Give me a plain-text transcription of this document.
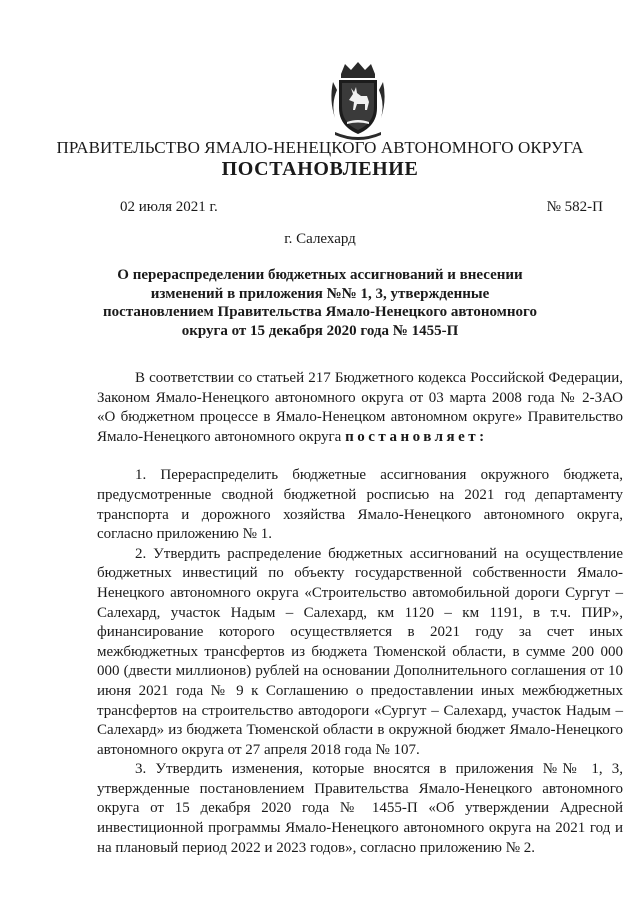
ПРАВИТЕЛЬСТВО ЯМАЛО-НЕНЕЦКОГО АВТОНОМНОГО ОКРУГА
ПОСТАНОВЛЕНИЕ
02 июля 2021 г.	№ 582-П
г. Салехард
О перераспределении бюджетных ассигнований и внесении изменений в приложения №№ 1, 3, утвержденные постановлением Правительства Ямало-Ненецкого автономного округа от 15 декабря 2020 года № 1455-П

В соответствии со статьей 217 Бюджетного кодекса Российской Федерации, Законом Ямало-Ненецкого автономного округа от 03 марта 2008 года № 2-ЗАО «О бюджетном процессе в Ямало-Ненецком автономном округе» Правительство Ямало-Ненецкого автономного округа постановляет:

1. Перераспределить бюджетные ассигнования окружного бюджета, предусмотренные сводной бюджетной росписью на 2021 год департаменту транспорта и дорожного хозяйства Ямало-Ненецкого автономного округа, согласно приложению № 1.

2. Утвердить распределение бюджетных ассигнований на осуществление бюджетных инвестиций по объекту государственной собственности Ямало-Ненецкого автономного округа «Строительство автомобильной дороги Сургут – Салехард, участок Надым – Салехард, км 1120 – км 1191, в т.ч. ПИР», финансирование которого осуществляется в 2021 году за счет иных межбюджетных трансфертов из бюджета Тюменской области, в сумме 200 000 000 (двести миллионов) рублей на основании Дополнительного соглашения от 10 июня 2021 года № 9 к Соглашению о предоставлении иных межбюджетных трансфертов на строительство автодороги «Сургут – Салехард, участок Надым – Салехард» из бюджета Тюменской области в окружной бюджет Ямало-Ненецкого автономного округа от 27 апреля 2018 года № 107.

3. Утвердить изменения, которые вносятся в приложения №№ 1, 3, утвержденные постановлением Правительства Ямало-Ненецкого автономного округа от 15 декабря 2020 года № 1455-П «Об утверждении Адресной инвестиционной программы Ямало-Ненецкого автономного округа на 2021 год и на плановый период 2022 и 2023 годов», согласно приложению № 2.
